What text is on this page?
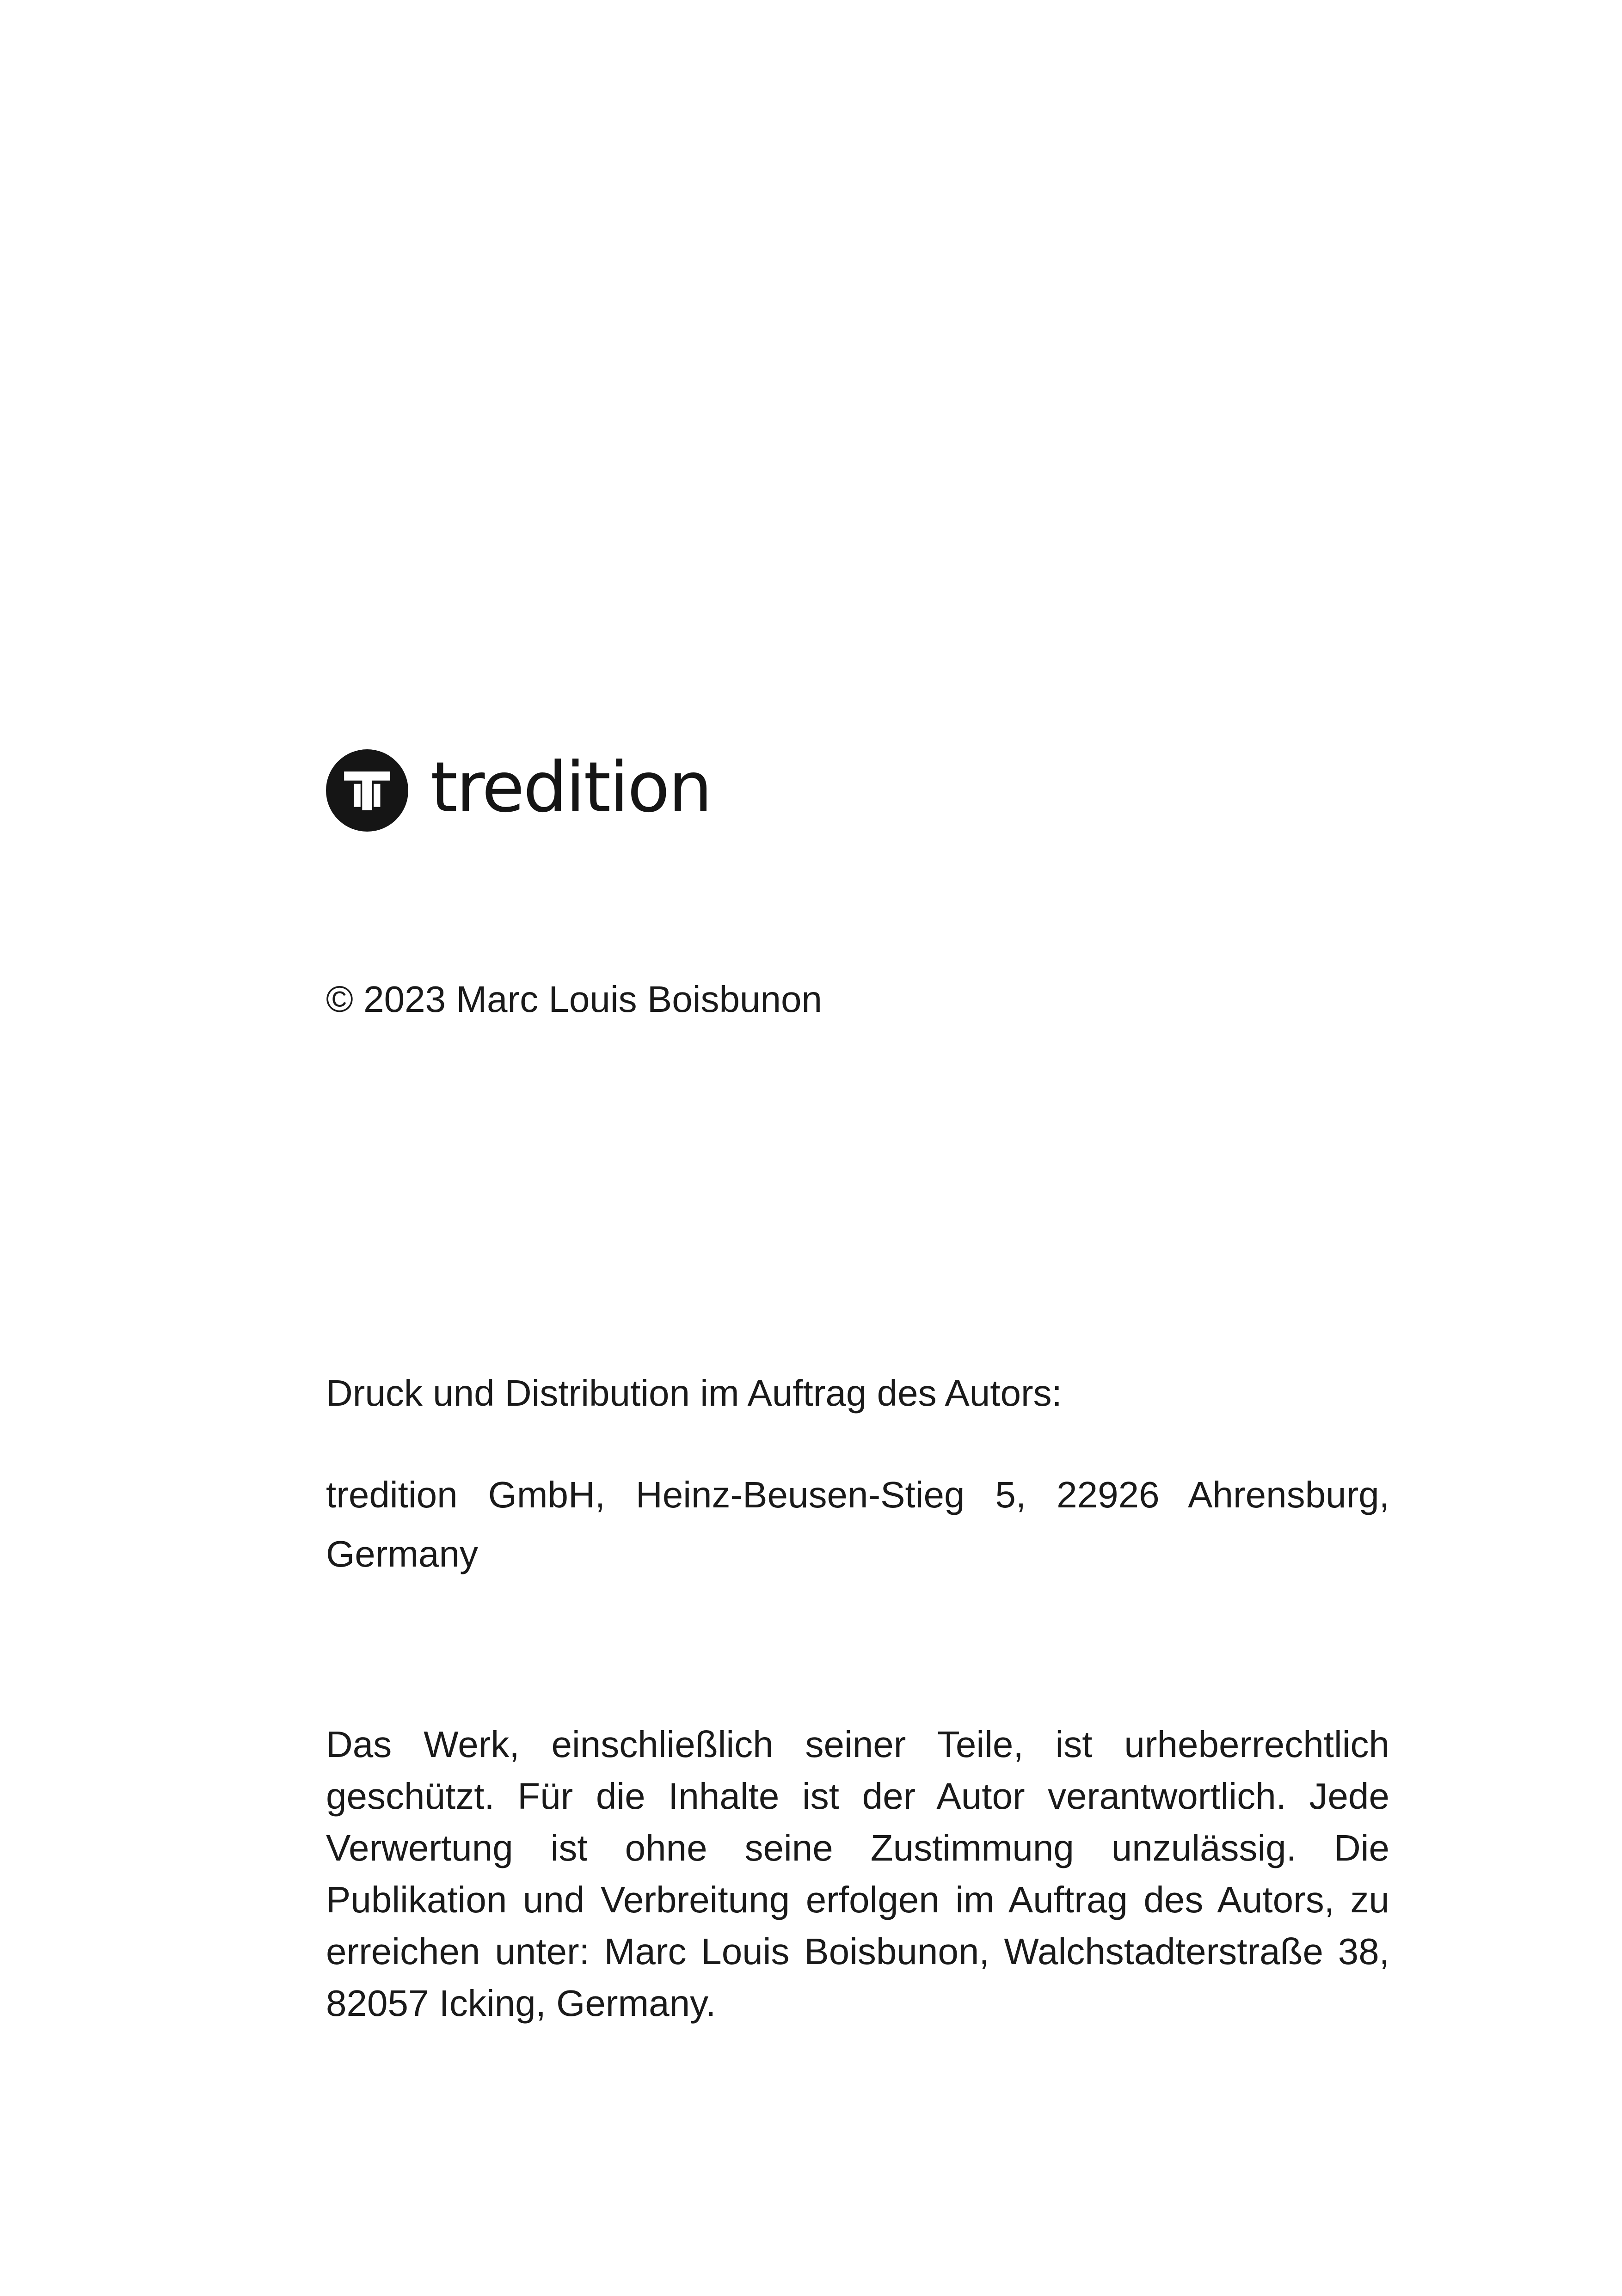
tredition
© 2023 Marc Louis Boisbunon
Druck und Distribution im Auftrag des Autors:
tredition GmbH, Heinz-Beusen-Stieg 5, 22926 Ahrensburg, Germany
Das Werk, einschließlich seiner Teile, ist urheberrechtlich geschützt. Für die Inhalte ist der Autor verantwortlich. Jede Verwertung ist ohne seine Zustimmung unzulässig. Die Publikation und Verbreitung erfolgen im Auftrag des Autors, zu erreichen unter: Marc Louis Boisbunon, Walchstadterstraße 38, 82057 Icking, Germany.
